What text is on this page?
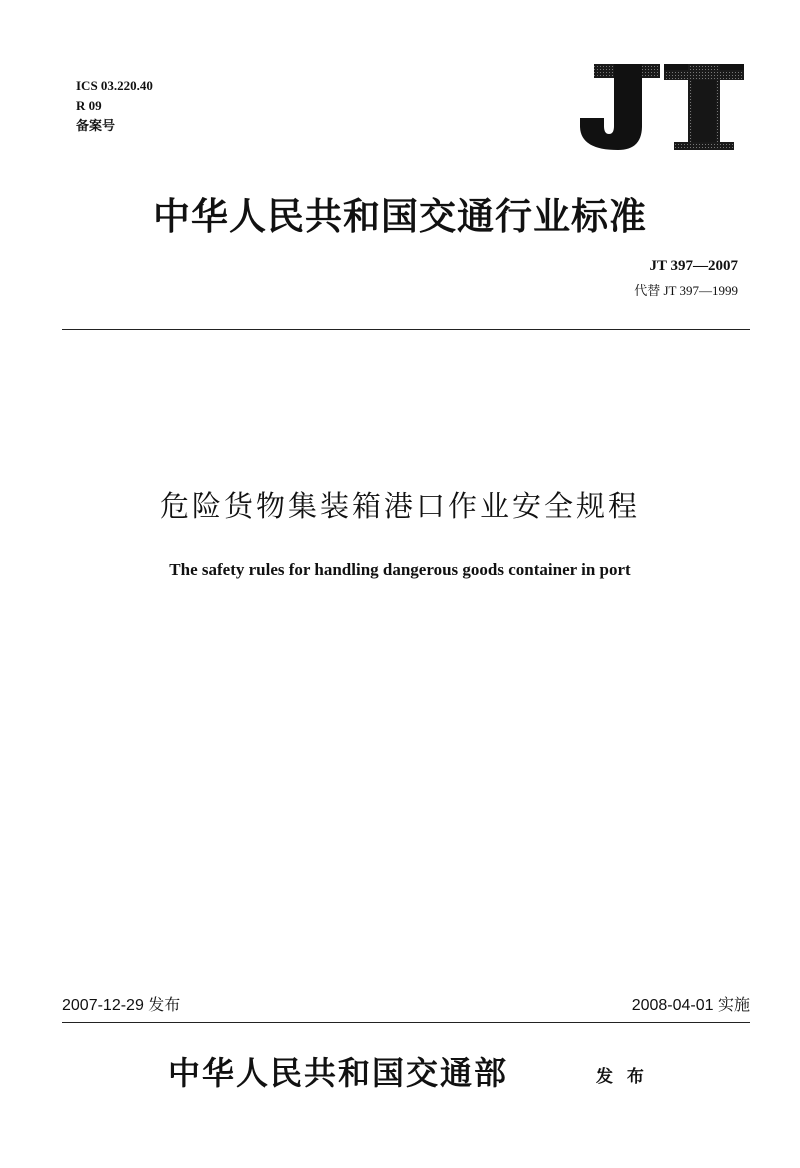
ICS 03.220.40
R 09
备案号
中华人民共和国交通行业标准
JT 397—2007
代替 JT 397—1999
危险货物集装箱港口作业安全规程
The safety rules for handling dangerous goods container in port
2007-12-29 发布	2008-04-01 实施
中华人民共和国交通部	发 布
